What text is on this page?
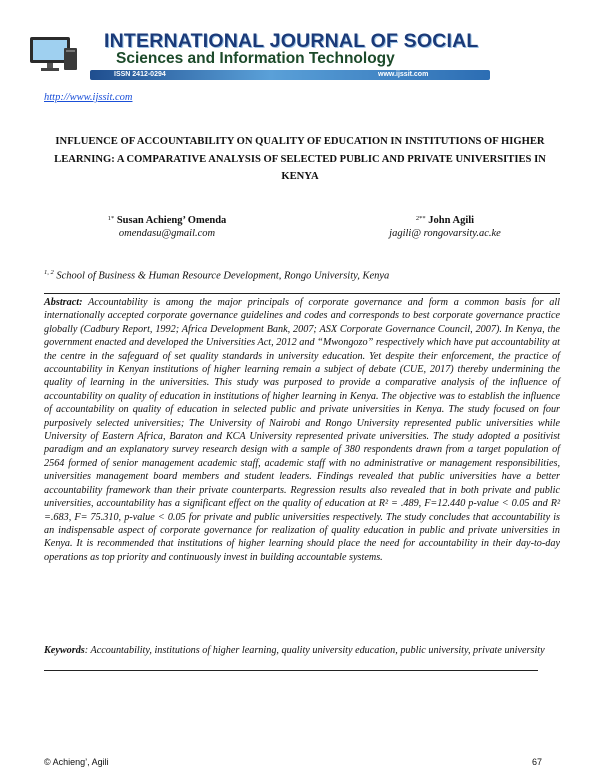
INTERNATIONAL JOURNAL OF SOCIAL
Sciences and Information Technology
ISSN 2412-0294	www.ijssit.com
http://www.ijssit.com
INFLUENCE OF ACCOUNTABILITY ON QUALITY OF EDUCATION IN INSTITUTIONS OF HIGHER LEARNING: A COMPARATIVE ANALYSIS OF SELECTED PUBLIC AND PRIVATE UNIVERSITIES IN KENYA
$^{1*}$ Susan Achieng’ Omenda
omendasu@gmail.com
$^{2**}$ John Agili
jagili@ rongovarsity.ac.ke
$^{1, 2}$ School of Business & Human Resource Development, Rongo University, Kenya
Abstract: Accountability is among the major principals of corporate governance and form a common basis for all internationally accepted corporate governance guidelines and codes and corresponds to best corporate governance practice globally (Cadbury Report, 1992; Africa Development Bank, 2007; ASX Corporate Governance Council, 2007). In Kenya, the government enacted and developed the Universities Act, 2012 and “Mwongozo” respectively which have put accountability at the centre in the safeguard of set quality standards in university education. Yet despite their enforcement, the practice of accountability in Kenyan institutions of higher learning remain a subject of debate (CUE, 2017) thereby undermining the quality of learning in the universities. This study was purposed to provide a comparative analysis of the influence of accountability on quality of education in institutions of higher learning in Kenya. The objective was to establish the influence of accountability on quality of education in selected public and private universities in Kenya. The study focused on four purposively selected universities; The University of Nairobi and Rongo University represented public universities while University of Eastern Africa, Baraton and KCA University represented private universities. The study adopted a positivist paradigm and an explanatory survey research design with a sample of 380 respondents drawn from a target population of 2564 formed of senior management academic staff, academic staff with no administrative or management responsibilities, universities management board members and student leaders. Findings revealed that public universities have a better accountability framework than their private counterparts. Regression results also revealed that in both private and public universities, accountability has a significant effect on the quality of education at R² = .489, F=12.440 p-value < 0.05 and R² =.683, F= 75.310, p-value < 0.05 for private and public universities respectively. The study concludes that accountability is an indispensable aspect of corporate governance for realization of quality education in public and private universities in Kenya. It is recommended that institutions of higher learning should place the need for accountability in their day-to-day operations as top priority and continuously invest in building accountable systems.
Keywords: Accountability, institutions of higher learning, quality university education, public university, private university
© Achieng’, Agili	67
